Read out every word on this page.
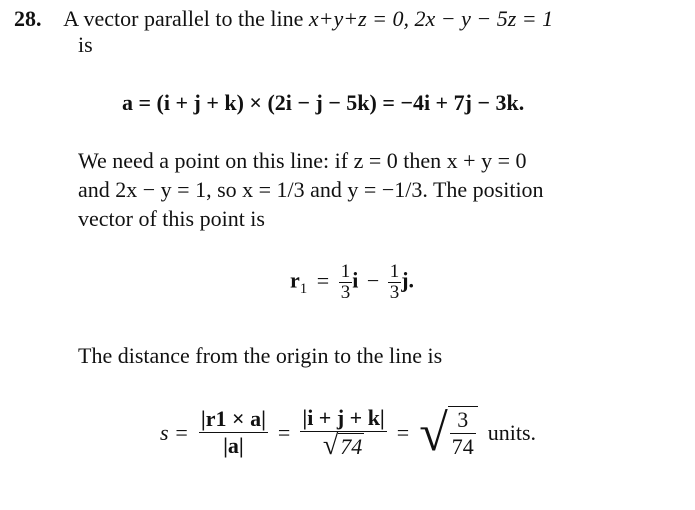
28. A vector parallel to the line x+y+z = 0, 2x − y − 5z = 1
is
a = (i + j + k) × (2i − j − 5k) = −4i + 7j − 3k.
We need a point on this line: if z = 0 then x + y = 0
and 2x − y = 1, so x = 1/3 and y = −1/3. The position
vector of this point is
$r_1 = \frac{1}{3}$ $i - \frac{1}{3} j$.
The distance from the origin to the line is
$s = \frac{|r1 \times a|}{|a|} = \frac{|i + j + k|}{√74}$ = √ $\frac{3}{74}$ units.
